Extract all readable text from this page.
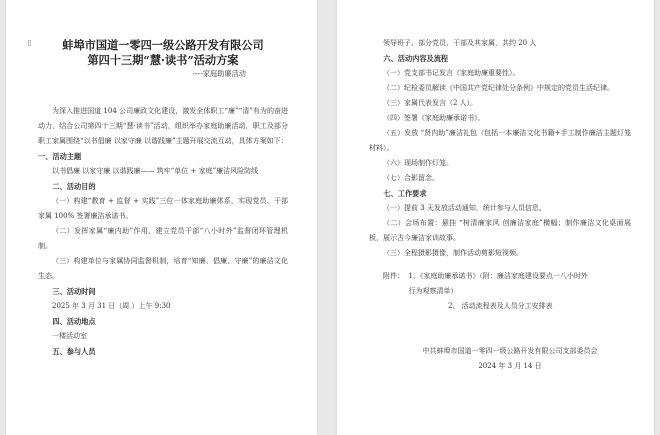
⁞⁞	蚌埠市国道一零四一级公路开发有限公司
第四十三期“慧·读书”活动方案
----家庭助廉活动

为深入推进国道 104 公司廉政文化建设，激发全体职工“廉”“清”有为的奋进动力，结合公司第四十三期“慧·读书”活动，组织举办家庭助廉活动，职工及部分职工家属围绕“以书倡廉 以家守廉 以谐践廉”主题开展交流互动，具体方案如下：

一、活动主题

以书倡廉 以家守廉 以谐践廉—— 筑牢“单位 + 家庭”廉洁风险防线

二、活动目的

（一）构建“教育 + 监督 + 实践”三位一体家庭助廉体系，实现党员、干部家属 100% 签署廉洁承诺书。

（二）发挥家属“廉内助”作用，建立党员干部“八小时外”监督闭环管理机制。

（三）构建单位与家属协同监督机制，培育“知廉、倡廉、守廉”的廉洁文化生态。

三、活动时间

2025 年 3 月 31 日（周 ）上午 9:30

四、活动地点

一楼活动室

五、参与人员

领导班子、部分党员，干部及其家属，共约 20 人

六、活动内容及流程

（一）党支部书记发言（家庭助廉重要性）。

（二）纪检委员解读《中国共产党纪律处分条例》中规定的党员生活纪律。

（三）家属代表发言（2 人）。

（四）签署《家庭助廉承诺书》。

（五）发放 “贤内助”廉洁礼包（包括一本廉洁文化书籍+手工制作廉洁主题灯笼材料）。

（六）现场制作灯笼。

（七）合影留念。

七、工作要求

（一）提前 3 天发放活动通知，统计参与人员信息。

（二）会场布置：悬挂 “树清廉家风 创廉洁家庭”横幅；制作廉洁文化桌面展板，展示古今廉洁家训故事。

（三）全程摄影摄像，制作活动剪影短视频。

附件： 1、《家庭助廉承诺书》（附：廉洁家庭建设要点一八小时外行为观察清单）
2、 活动流程表及人员分工安排表
中共蚌埠市国道一零四一级公路开发有限公司支部委员会
2024 年 3 月 14 日
